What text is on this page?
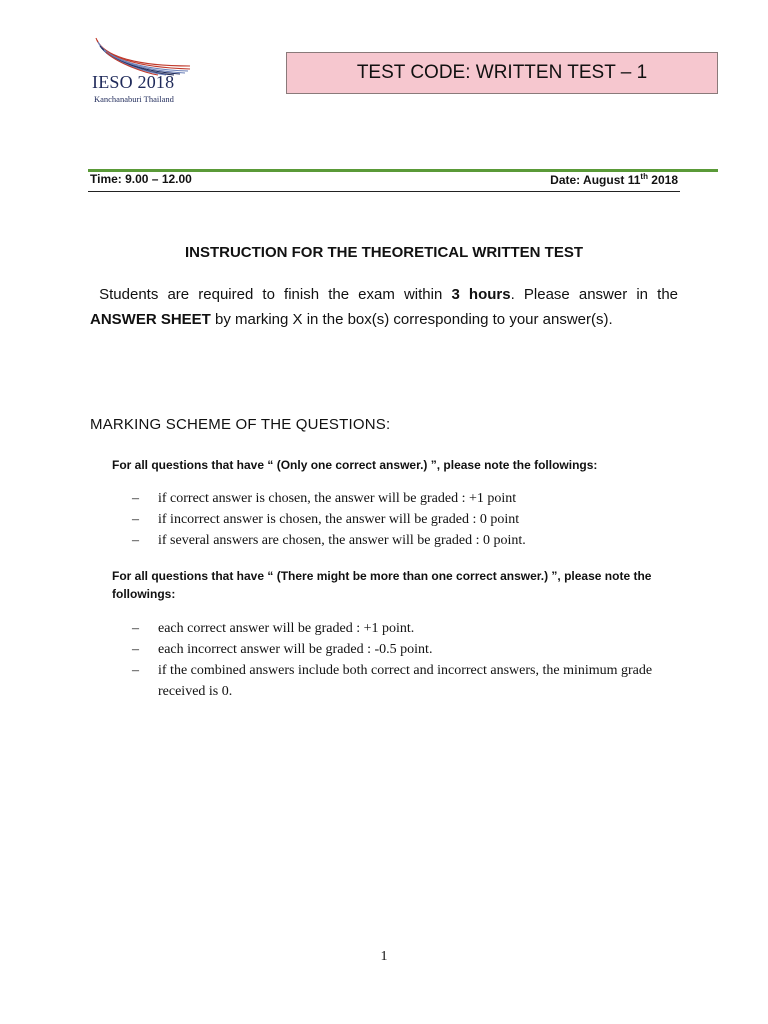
IESO 2018
Kanchanaburi Thailand
TEST CODE: WRITTEN TEST – 1
Time: 9.00 – 12.00	Date: August 11th 2018
INSTRUCTION FOR THE THEORETICAL WRITTEN TEST
Students are required to finish the exam within 3 hours. Please answer in the ANSWER SHEET by marking X in the box(s) corresponding to your answer(s).
MARKING SCHEME OF THE QUESTIONS:
For all questions that have “ (Only one correct answer.) ”, please note the followings:
– if correct answer is chosen, the answer will be graded : +1 point
– if incorrect answer is chosen, the answer will be graded : 0 point
– if several answers are chosen, the answer will be graded : 0 point.
For all questions that have “ (There might be more than one correct answer.) ”, please note the followings:
– each correct answer will be graded : +1 point.
– each incorrect answer will be graded : -0.5 point.
– if the combined answers include both correct and incorrect answers, the minimum grade received is 0.
1
